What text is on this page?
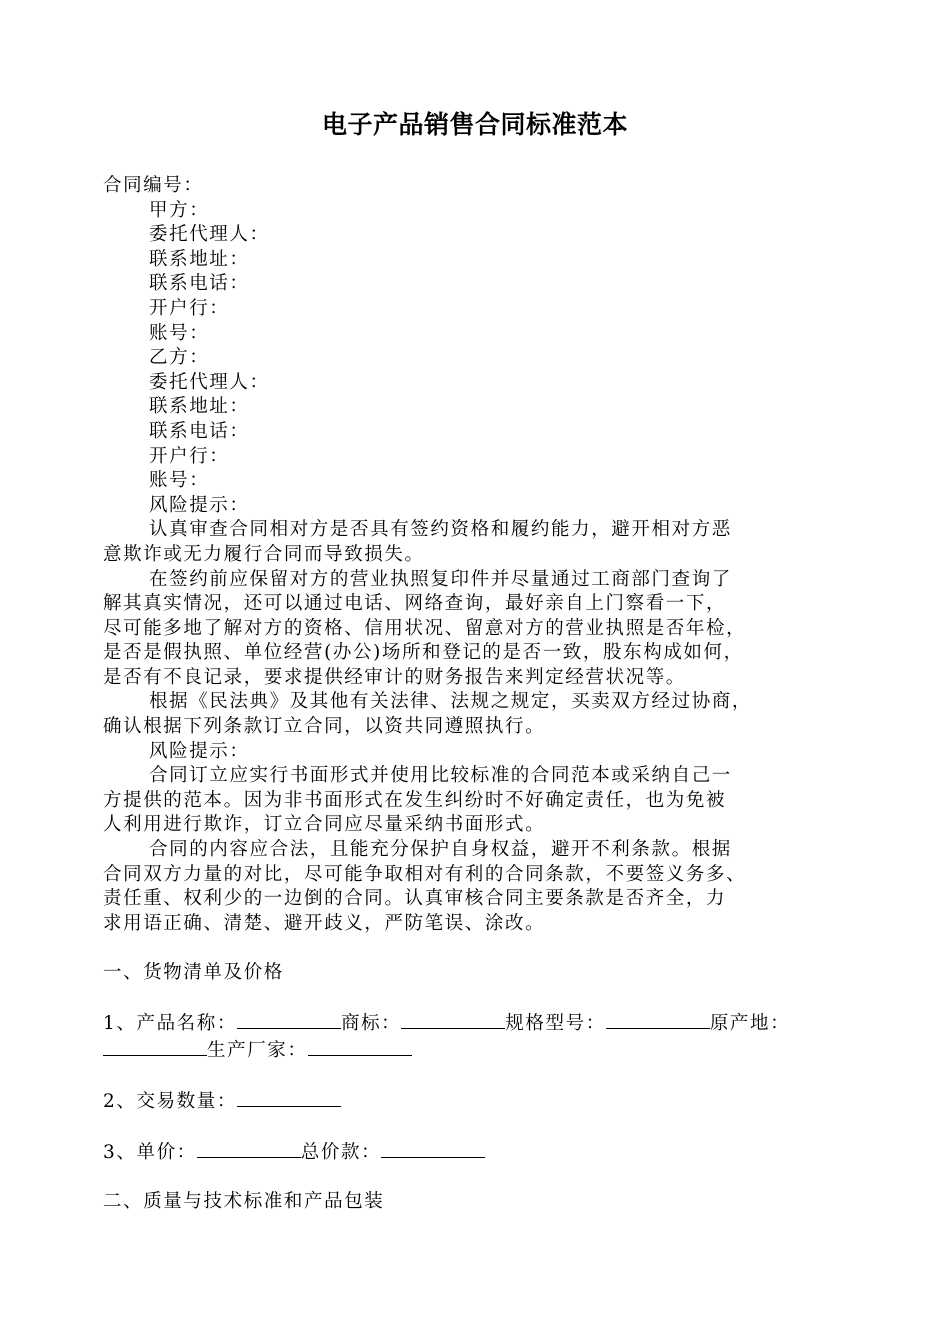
电子产品销售合同标准范本

合同编号：

甲方：

委托代理人：

联系地址：

联系电话：

开户行：

账号：

乙方：

委托代理人：

联系地址：

联系电话：

开户行：

账号：

风险提示：

认真审查合同相对方是否具有签约资格和履约能力，避开相对方恶

意欺诈或无力履行合同而导致损失。

在签约前应保留对方的营业执照复印件并尽量通过工商部门查询了

解其真实情况，还可以通过电话、网络查询，最好亲自上门察看一下，

尽可能多地了解对方的资格、信用状况、留意对方的营业执照是否年检，

是否是假执照、单位经营(办公)场所和登记的是否一致，股东构成如何，

是否有不良记录，要求提供经审计的财务报告来判定经营状况等。

根据《民法典》及其他有关法律、法规之规定，买卖双方经过协商，

确认根据下列条款订立合同，以资共同遵照执行。

风险提示：

合同订立应实行书面形式并使用比较标准的合同范本或采纳自己一

方提供的范本。因为非书面形式在发生纠纷时不好确定责任，也为免被

人利用进行欺诈，订立合同应尽量采纳书面形式。

合同的内容应合法，且能充分保护自身权益，避开不利条款。根据

合同双方力量的对比，尽可能争取相对有利的合同条款，不要签义务多、

责任重、权利少的一边倒的合同。认真审核合同主要条款是否齐全，力

求用语正确、清楚、避开歧义，严防笔误、涂改。

一、货物清单及价格

1、产品名称：	商标：	规格型号：	原产地：

生产厂家：

2、交易数量：

3、单价：	总价款：

二、质量与技术标准和产品包装
